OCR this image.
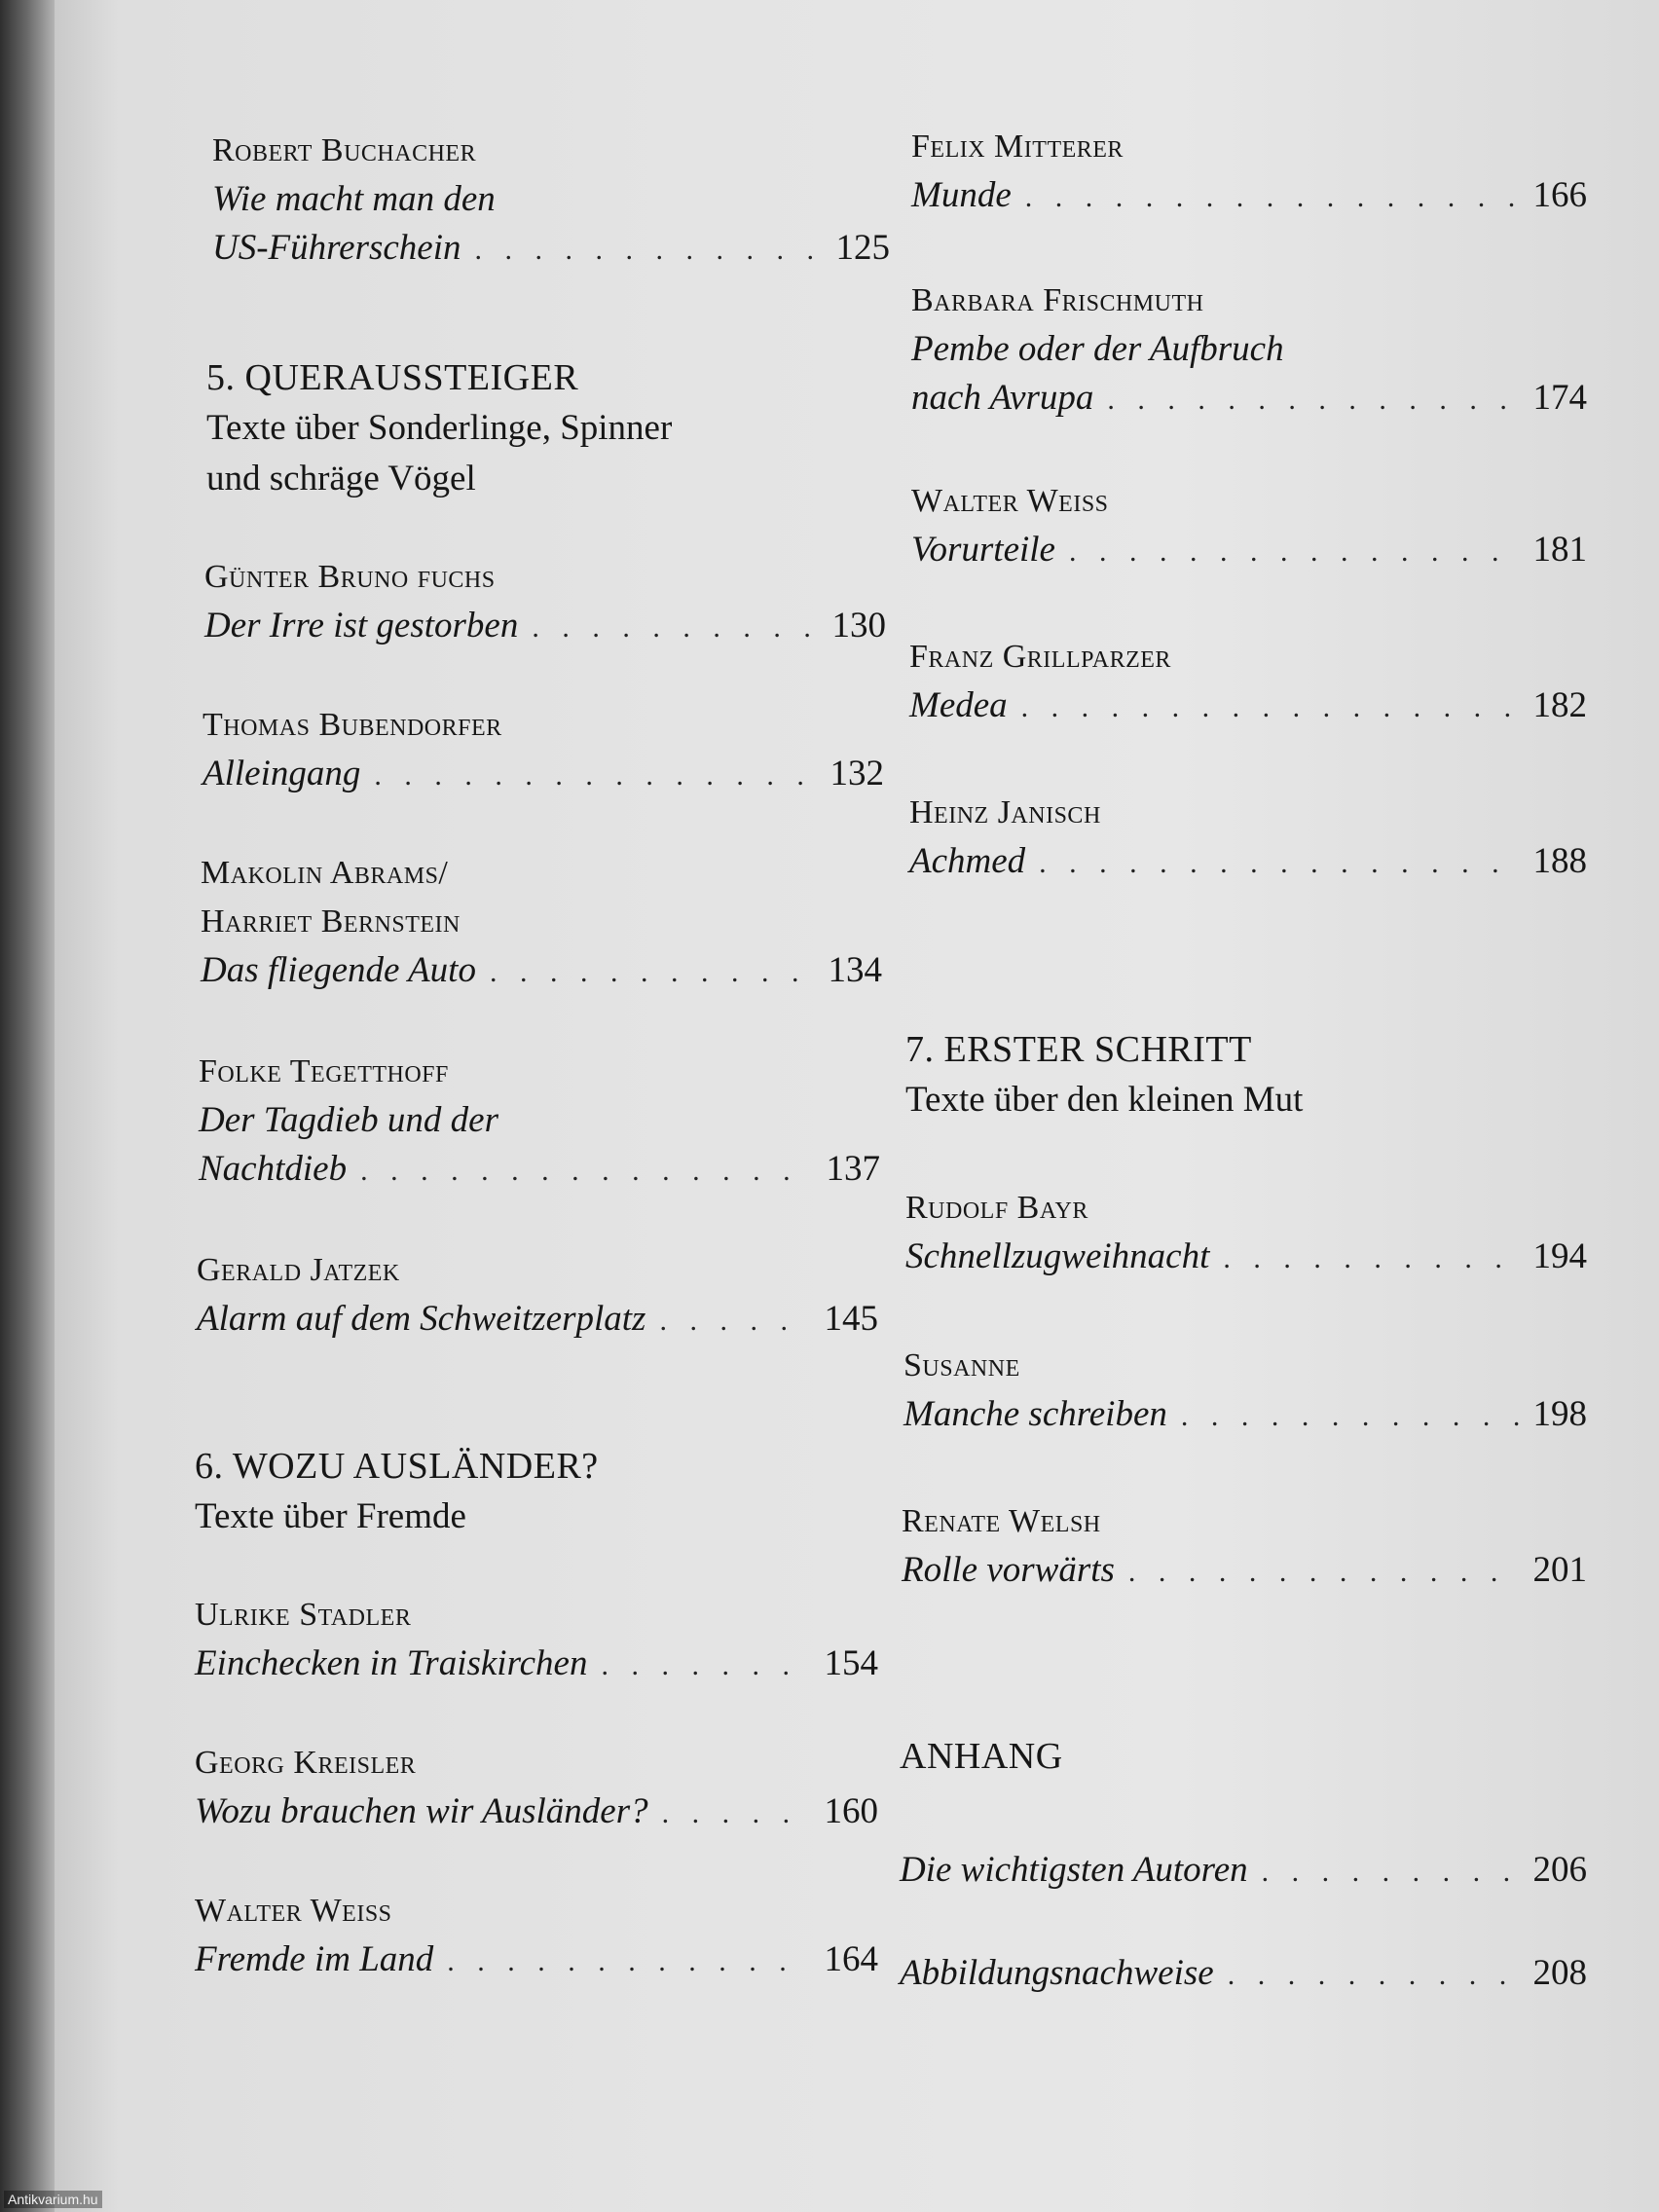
Robert Buchacher
Wie macht man den
US-Führerschein . . .	125
5. QUERAUSSTEIGER
Texte über Sonderlinge, Spinner
und schräge Vögel
Günter Bruno fuchs
Der Irre ist gestorben . . .	130
Thomas Bubendorfer
Alleingang . . .	132
Makolin Abrams/
Harriet Bernstein
Das fliegende Auto . . .	134
Folke Tegetthoff
Der Tagdieb und der
Nachtdieb . . .	137
Gerald Jatzek
Alarm auf dem Schweitzerplatz . . .	145
6. WOZU AUSLÄNDER?
Texte über Fremde
Ulrike Stadler
Einchecken in Traiskirchen . . .	154
Georg Kreisler
Wozu brauchen wir Ausländer? . . .	160
Walter Weiss
Fremde im Land . . .	164
Felix Mitterer
Munde . . .	166
Barbara Frischmuth
Pembe oder der Aufbruch
nach Avrupa . . .	174
Walter Weiss
Vorurteile . . .	181
Franz Grillparzer
Medea . . .	182
Heinz Janisch
Achmed . . .	188
7. ERSTER SCHRITT
Texte über den kleinen Mut
Rudolf Bayr
Schnellzugweihnacht . . .	194
Susanne
Manche schreiben . . .	198
Renate Welsh
Rolle vorwärts . . .	201
ANHANG
Die wichtigsten Autoren . . .	206
Abbildungsnachweise . . .	208
Antikvarium.hu
